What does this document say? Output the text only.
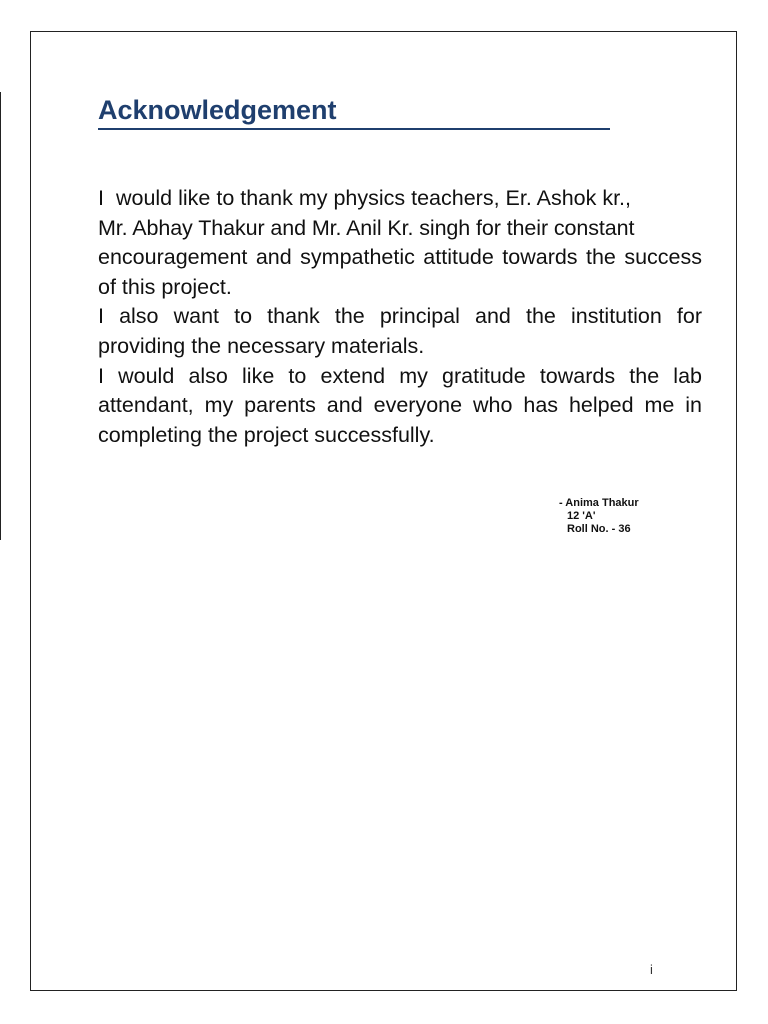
Acknowledgement

I would like to thank my physics teachers, Er. Ashok kr.,
Mr. Abhay Thakur and Mr. Anil Kr. singh for their constant
encouragement and sympathetic attitude towards the success of this project.

I also want to thank the principal and the institution for providing the necessary materials.

I would also like to extend my gratitude towards the lab attendant, my parents and everyone who has helped me in completing the project successfully.

- Anima Thakur
12 'A'
Roll No. - 36
i
